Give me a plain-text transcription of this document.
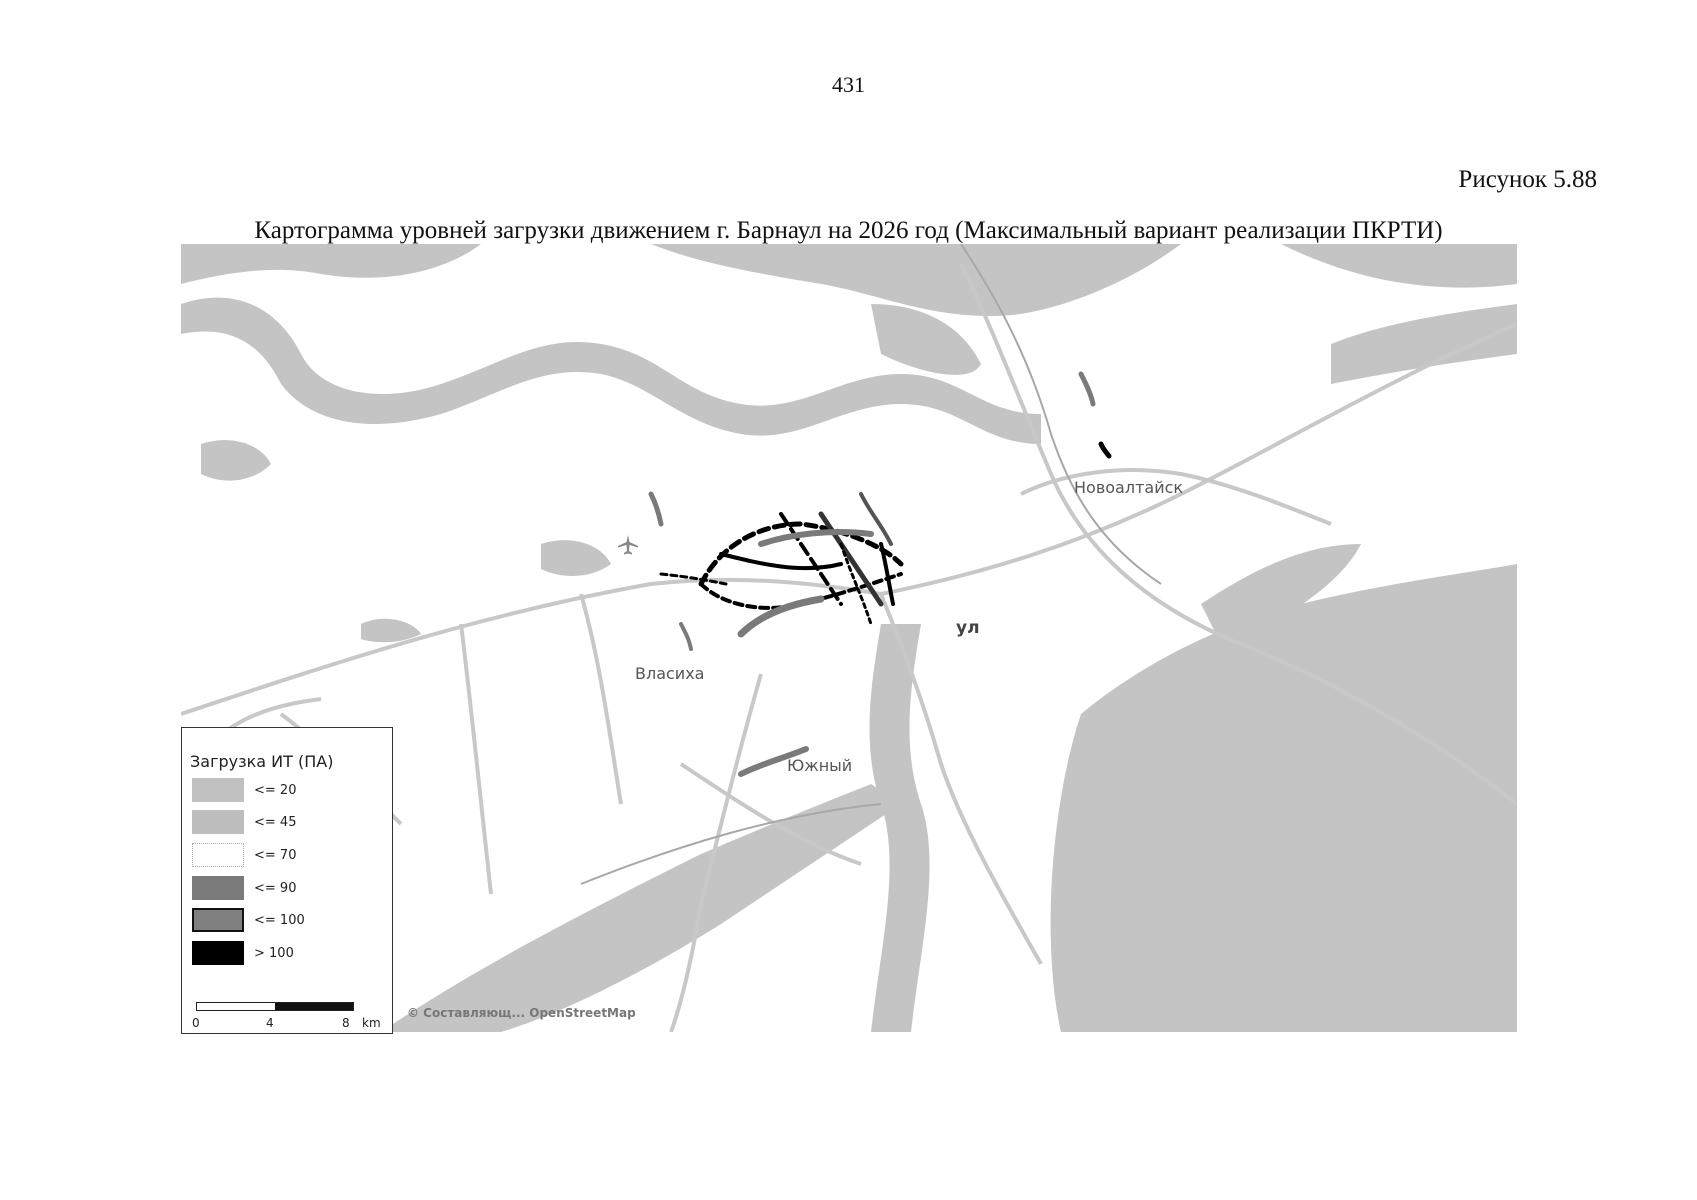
431
Рисунок 5.88
Картограмма уровней загрузки движением г. Барнаул на 2026 год (Максимальный вариант реализации ПКРТИ)
Новоалтайск
ул
Власиха
Южный
© Составляющ... OpenStreetMap
Загрузка ИТ (ПА)
<= 20
<= 45
<= 70
<= 90
<= 100
> 100
0	4	8 km
